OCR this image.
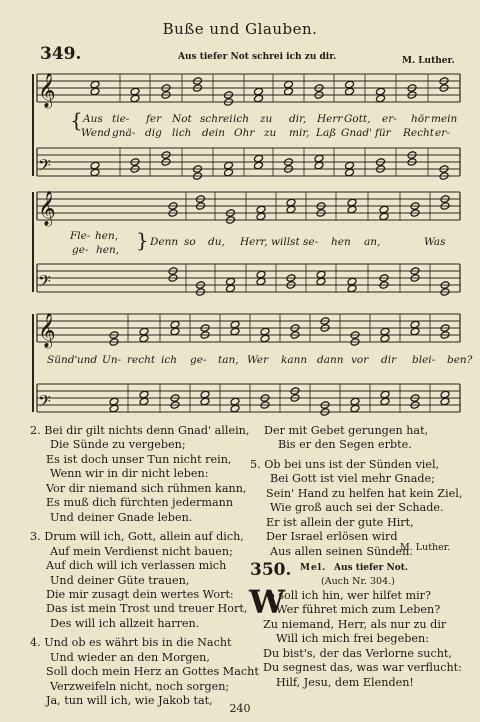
Buße und Glauben.
349.	Aus tiefer Not schrei ich zu dir.	M. Luther.
𝄞
𝄢
𝄞
𝄢
𝄞
𝄢
{ Aus tie- fer Not schrei ich zu dir, Herr Gott, er- hör mein
Wend gnä- dig lich dein Ohr zu mir, Laß Gnad' für Recht er-
}
Fle- hen,
ge- hen,
Denn so du, Herr, willst se- hen an,	Was
Sünd' und Un- recht ich ge- tan, Wer kann dann vor dir blei- ben?
2. Bei dir gilt nichts denn Gnad' allein,
Die Sünde zu vergeben;
Es ist doch unser Tun nicht rein,
Wenn wir in dir nicht leben:
Vor dir niemand sich rühmen kann,
Es muß dich fürchten jedermann
Und deiner Gnade leben.
3. Drum will ich, Gott, allein auf dich,
Auf mein Verdienst nicht bauen;
Auf dich will ich verlassen mich
Und deiner Güte trauen,
Die mir zusagt dein wertes Wort:
Das ist mein Trost und treuer Hort,
Des will ich allzeit harren.
4. Und ob es währt bis in die Nacht
Und wieder an den Morgen,
Soll doch mein Herz an Gottes Macht
Verzweifeln nicht, noch sorgen;
Ja, tun will ich, wie Jakob tat,
Der mit Gebet gerungen hat,
Bis er den Segen erbte.
5. Ob bei uns ist der Sünden viel,
Bei Gott ist viel mehr Gnade;
Sein' Hand zu helfen hat kein Ziel,
Wie groß auch sei der Schade.
Er ist allein der gute Hirt,
Der Israel erlösen wird
Aus allen seinen Sünden.
M. Luther.
350. Mel. Aus tiefer Not.
(Auch Nr. 304.)
W
o soll ich hin, wer hilfet mir?
Wer führet mich zum Leben?
Zu niemand, Herr, als nur zu dir
Will ich mich frei begeben:
Du bist's, der das Verlorne sucht,
Du segnest das, was war verflucht:
Hilf, Jesu, dem Elenden!
240
